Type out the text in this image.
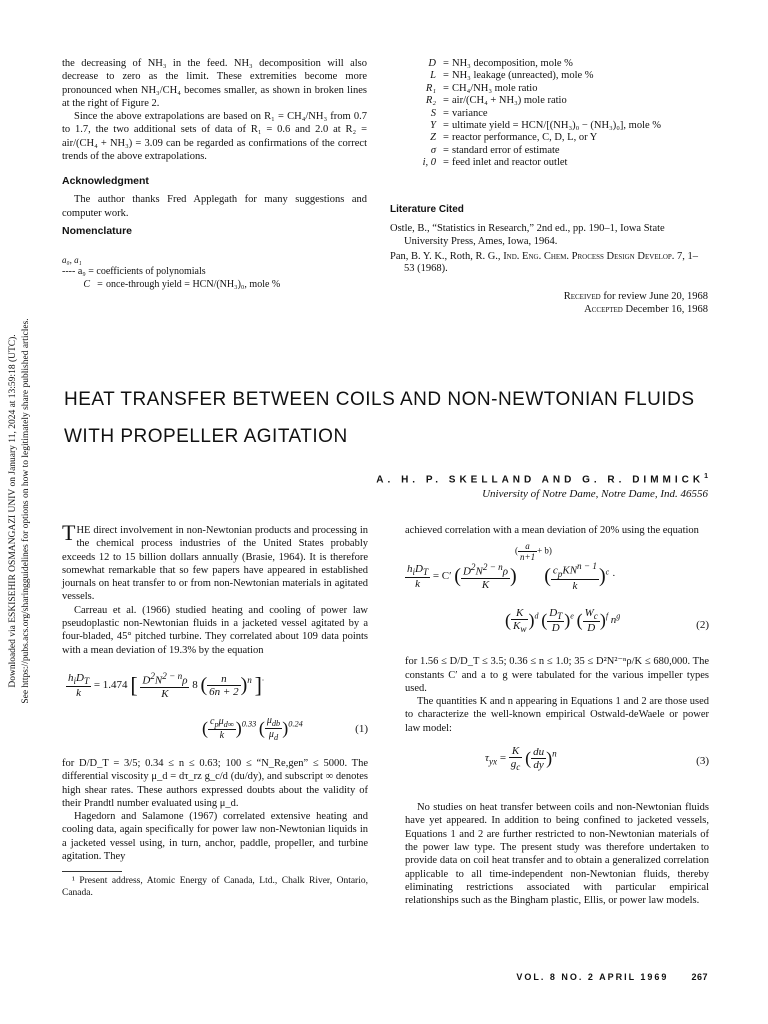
Downloaded via ESKISEHIR OSMANGAZI UNIV on January 11, 2024 at 13:59:18 (UTC). See https://pubs.acs.org/sharingguidelines for options on how to legitimately share published articles.

the decreasing of NH₃ in the feed. NH₃ decomposition will also decrease to zero as the limit. These extremities become more pronounced when NH₃/CH₄ becomes smaller, as shown in broken lines at the right of Figure 2.

Since the above extrapolations are based on R₁ = CH₄/NH₃ from 0.7 to 1.7, the two additional sets of data of R₁ = 0.6 and 2.0 at R₂ = air/(CH₄ + NH₃) = 3.09 can be regarded as confirmations of the correct trends of the above extrapolations.

Acknowledgment

The author thanks Fred Applegath for many suggestions and computer work.

Nomenclature

a₀, a₁
---- a₉ = coefficients of polynomials
C = once-through yield = HCN/(NH₃)₀, mole %
D = NH₃ decomposition, mole %
L = NH₃ leakage (unreacted), mole %
R₁ = CH₄/NH₃ mole ratio
R₂ = air/(CH₄ + NH₃) mole ratio
S = variance
Y = ultimate yield = HCN/[(NH₃)₀ − (NH₃)₀], mole %
Z = reactor performance, C, D, L, or Y
σ = standard error of estimate
i, 0 = feed inlet and reactor outlet

Literature Cited

Ostle, B., “Statistics in Research,” 2nd ed., pp. 190–1, Iowa State University Press, Ames, Iowa, 1964.

Pan, B. Y. K., Roth, R. G., Ind. Eng. Chem. Process Design Develop. 7, 1–53 (1968).

Received for review June 20, 1968
Accepted December 16, 1968

HEAT TRANSFER BETWEEN COILS AND NON-NEWTONIAN FLUIDS

WITH PROPELLER AGITATION

A. H. P. SKELLAND AND G. R. DIMMICK$^1$
University of Notre Dame, Notre Dame, Ind. 46556

THE direct involvement in non-Newtonian products and processing in the chemical process industries of the United States probably exceeds 12 to 15 billion dollars annually (Brasie, 1964). It is therefore somewhat remarkable that so few papers have appeared in established journals on heat transfer to or from non-Newtonian materials in agitated vessels.

Carreau et al. (1966) studied heating and cooling of power law pseudoplastic non-Newtonian fluids in a jacketed vessel agitated by a four-bladed, 45° pitched turbine. They correlated about 109 data points with a mean deviation of 19.3% by the equation

$\frac{h_iD_T}{k} = 1.474$ [ $\frac{D^2N^{2 - n}\rho}{K} 8$ ( $\frac{n}{6n + 2} )^n$ ]·
( $\frac{c_p\mu_{d\infty}}{k} )^{0.33}$ ( $\frac{\mu_{db}}{\mu_d} )^{0.24}$	(1)

for D/D_T = 3/5; 0.34 ≤ n ≤ 0.63; 100 ≤ “N_Re,gen” ≤ 5000. The differential viscosity μ_d = dτ_rz g_c/d (du/dy), and subscript ∞ denotes high shear rates. These authors expressed doubts about the validity of their Prandtl number evaluated using μ_d.

Hagedorn and Salamone (1967) correlated extensive heating and cooling data, again specifically for power law non-Newtonian liquids in a jacketed vessel using, in turn, anchor, paddle, propeller, and turbine agitation. They

¹ Present address, Atomic Energy of Canada, Ltd., Chalk River, Ontario, Canada.

achieved correlation with a mean deviation of 20% using the equation

$\frac{h_iD_T}{k} = C'$ ( $\frac{D^2N^{2 - n}\rho}{K}$ ) ( $\frac{c_pKN^{n - 1}}{k} )^c$ ·
( $\frac{a}{n+1} + b$)
( $\frac{K}{K_w} )^d$ ( $\frac{D_T}{D} )^e$ ( $\frac{W_c}{D} )^f$ $n^g$
(2)

for 1.56 ≤ D/D_T ≤ 3.5; 0.36 ≤ n ≤ 1.0; 35 ≤ D²N²⁻ⁿρ/K ≤ 680,000. The constants C′ and a to g were tabulated for the various impeller types used.

The quantities K and n appearing in Equations 1 and 2 are those used to characterize the well-known empirical Ostwald-deWaele or power law model:

$\tau_{yx} = \frac{K}{g_c}$ ( $\frac{du}{dy} )^n$
(3)

No studies on heat transfer between coils and non-Newtonian fluids have yet appeared. In addition to being confined to jacketed vessels, Equations 1 and 2 are further restricted to non-Newtonian materials of the power law type. The present study was therefore undertaken to provide data on coil heat transfer and to obtain a generalized correlation applicable to all time-independent non-Newtonian fluids, thereby eliminating restrictions associated with particular empirical relationships such as the Bingham plastic, Ellis, or power law models.

VOL. 8 NO. 2 APRIL 1969	267
